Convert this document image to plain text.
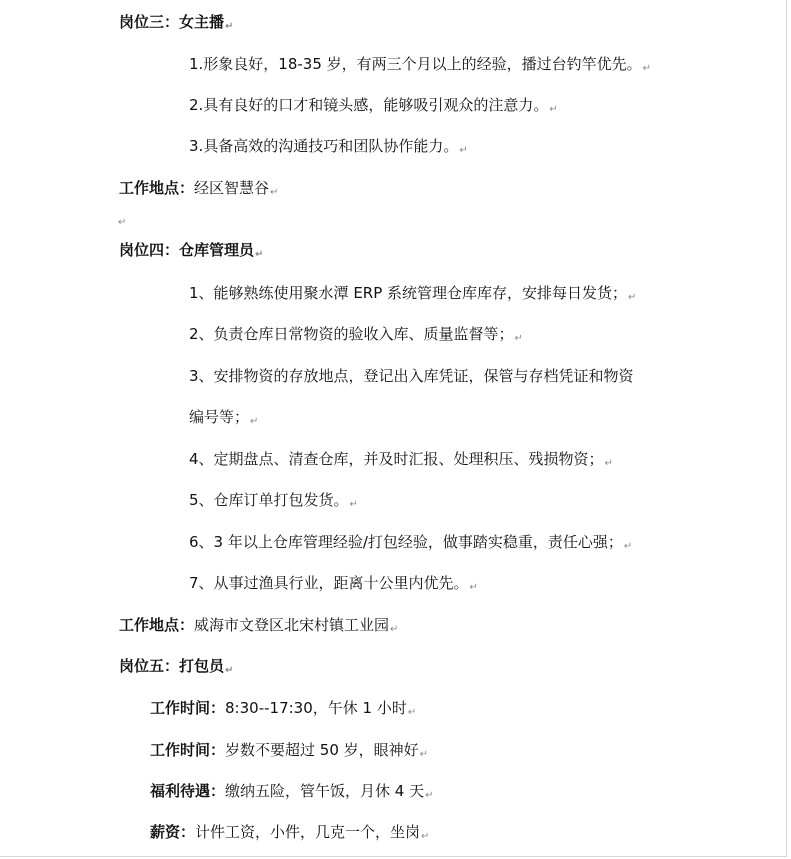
岗位三：女主播↵
1.形象良好，18-35 岁，有两三个月以上的经验，播过台钓竿优先。↵
2.具有良好的口才和镜头感，能够吸引观众的注意力。↵
3.具备高效的沟通技巧和团队协作能力。↵
工作地点：经区智慧谷↵
↵
岗位四：仓库管理员↵
1、能够熟练使用聚水潭 ERP 系统管理仓库库存，安排每日发货；↵
2、负责仓库日常物资的验收入库、质量监督等；↵
3、安排物资的存放地点，登记出入库凭证，保管与存档凭证和物资
编号等；↵
4、定期盘点、清查仓库，并及时汇报、处理积压、残损物资；↵
5、仓库订单打包发货。↵
6、3 年以上仓库管理经验/打包经验，做事踏实稳重，责任心强；↵
7、从事过渔具行业，距离十公里内优先。↵
工作地点：威海市文登区北宋村镇工业园↵
岗位五：打包员↵
工作时间：8:30--17:30，午休 1 小时↵
工作时间：岁数不要超过 50 岁，眼神好↵
福利待遇：缴纳五险，管午饭，月休 4 天↵
薪资：计件工资，小件，几克一个，坐岗↵
